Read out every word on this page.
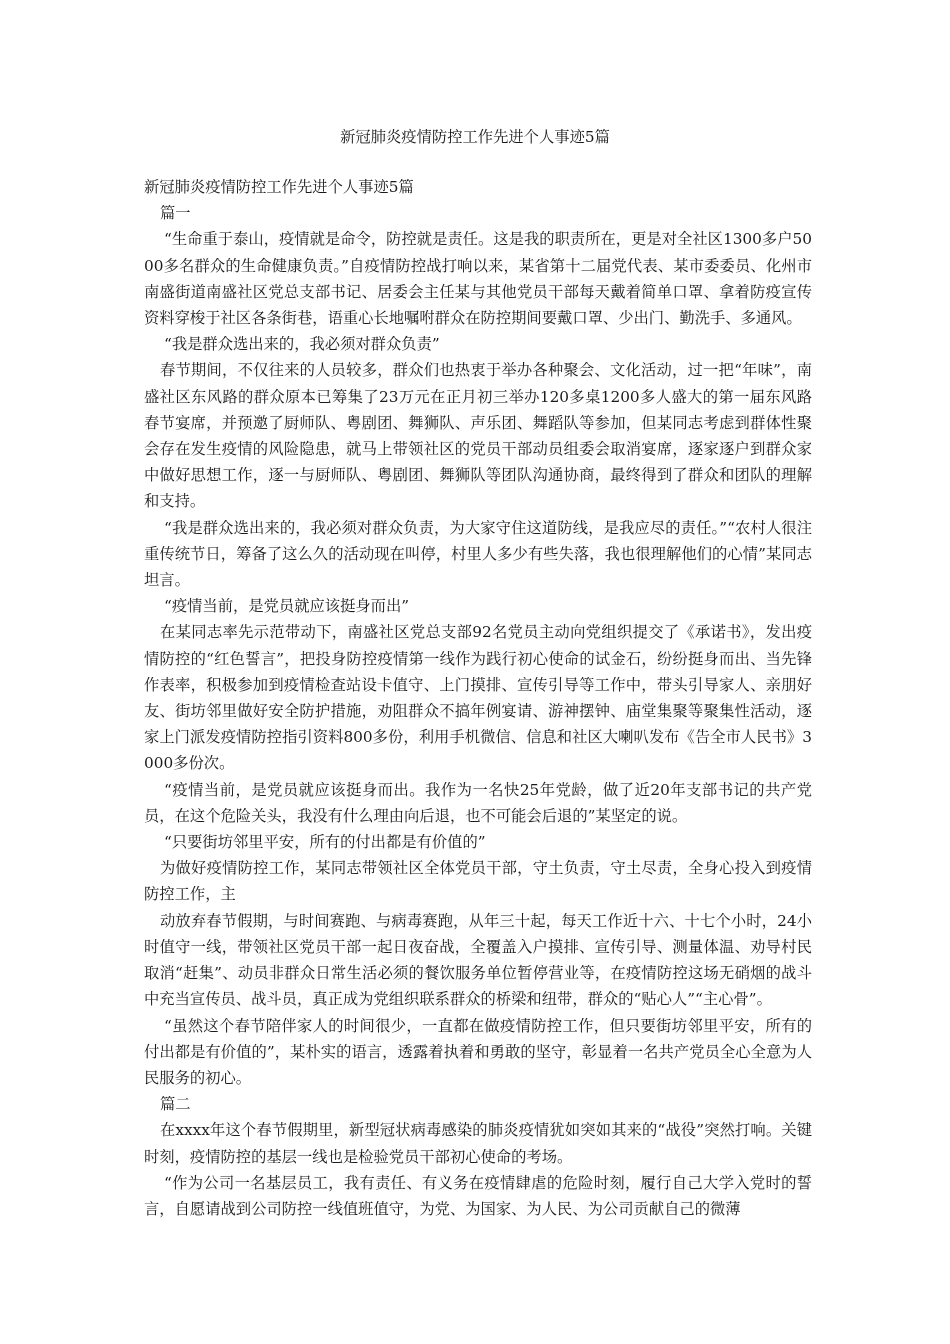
新冠肺炎疫情防控工作先进个人事迹5篇

新冠肺炎疫情防控工作先进个人事迹5篇

篇一

“生命重于泰山，疫情就是命令，防控就是责任。这是我的职责所在，更是对全社区1300多户5000多名群众的生命健康负责。”自疫情防控战打响以来，某省第十二届党代表、某市委委员、化州市南盛街道南盛社区党总支部书记、居委会主任某与其他党员干部每天戴着简单口罩、拿着防疫宣传资料穿梭于社区各条街巷，语重心长地嘱咐群众在防控期间要戴口罩、少出门、勤洗手、多通风。

“我是群众选出来的，我必须对群众负责”

春节期间，不仅往来的人员较多，群众们也热衷于举办各种聚会、文化活动，过一把“年味”，南盛社区东风路的群众原本已筹集了23万元在正月初三举办120多桌1200多人盛大的第一届东风路春节宴席，并预邀了厨师队、粤剧团、舞狮队、声乐团、舞蹈队等参加，但某同志考虑到群体性聚会存在发生疫情的风险隐患，就马上带领社区的党员干部动员组委会取消宴席，逐家逐户到群众家中做好思想工作，逐一与厨师队、粤剧团、舞狮队等团队沟通协商，最终得到了群众和团队的理解和支持。

“我是群众选出来的，我必须对群众负责，为大家守住这道防线，是我应尽的责任。”“农村人很注重传统节日，筹备了这么久的活动现在叫停，村里人多少有些失落，我也很理解他们的心情”某同志坦言。

“疫情当前，是党员就应该挺身而出”

在某同志率先示范带动下，南盛社区党总支部92名党员主动向党组织提交了《承诺书》，发出疫情防控的“红色誓言”，把投身防控疫情第一线作为践行初心使命的试金石，纷纷挺身而出、当先锋作表率，积极参加到疫情检查站设卡值守、上门摸排、宣传引导等工作中，带头引导家人、亲朋好友、街坊邻里做好安全防护措施，劝阻群众不搞年例宴请、游神摆钟、庙堂集聚等聚集性活动，逐家上门派发疫情防控指引资料800多份，利用手机微信、信息和社区大喇叭发布《告全市人民书》3000多份次。

“疫情当前，是党员就应该挺身而出。我作为一名快25年党龄，做了近20年支部书记的共产党员，在这个危险关头，我没有什么理由向后退，也不可能会后退的”某坚定的说。

“只要街坊邻里平安，所有的付出都是有价值的”

为做好疫情防控工作，某同志带领社区全体党员干部，守土负责，守土尽责，全身心投入到疫情防控工作，主

动放弃春节假期，与时间赛跑、与病毒赛跑，从年三十起，每天工作近十六、十七个小时，24小时值守一线，带领社区党员干部一起日夜奋战，全覆盖入户摸排、宣传引导、测量体温、劝导村民取消“赶集”、动员非群众日常生活必须的餐饮服务单位暂停营业等，在疫情防控这场无硝烟的战斗中充当宣传员、战斗员，真正成为党组织联系群众的桥梁和纽带，群众的“贴心人”“主心骨”。

“虽然这个春节陪伴家人的时间很少，一直都在做疫情防控工作，但只要街坊邻里平安，所有的付出都是有价值的”，某朴实的语言，透露着执着和勇敢的坚守，彰显着一名共产党员全心全意为人民服务的初心。

篇二

在xxxx年这个春节假期里，新型冠状病毒感染的肺炎疫情犹如突如其来的“战役”突然打响。关键时刻，疫情防控的基层一线也是检验党员干部初心使命的考场。

“作为公司一名基层员工，我有责任、有义务在疫情肆虐的危险时刻，履行自己大学入党时的誓言，自愿请战到公司防控一线值班值守，为党、为国家、为人民、为公司贡献自己的微薄
